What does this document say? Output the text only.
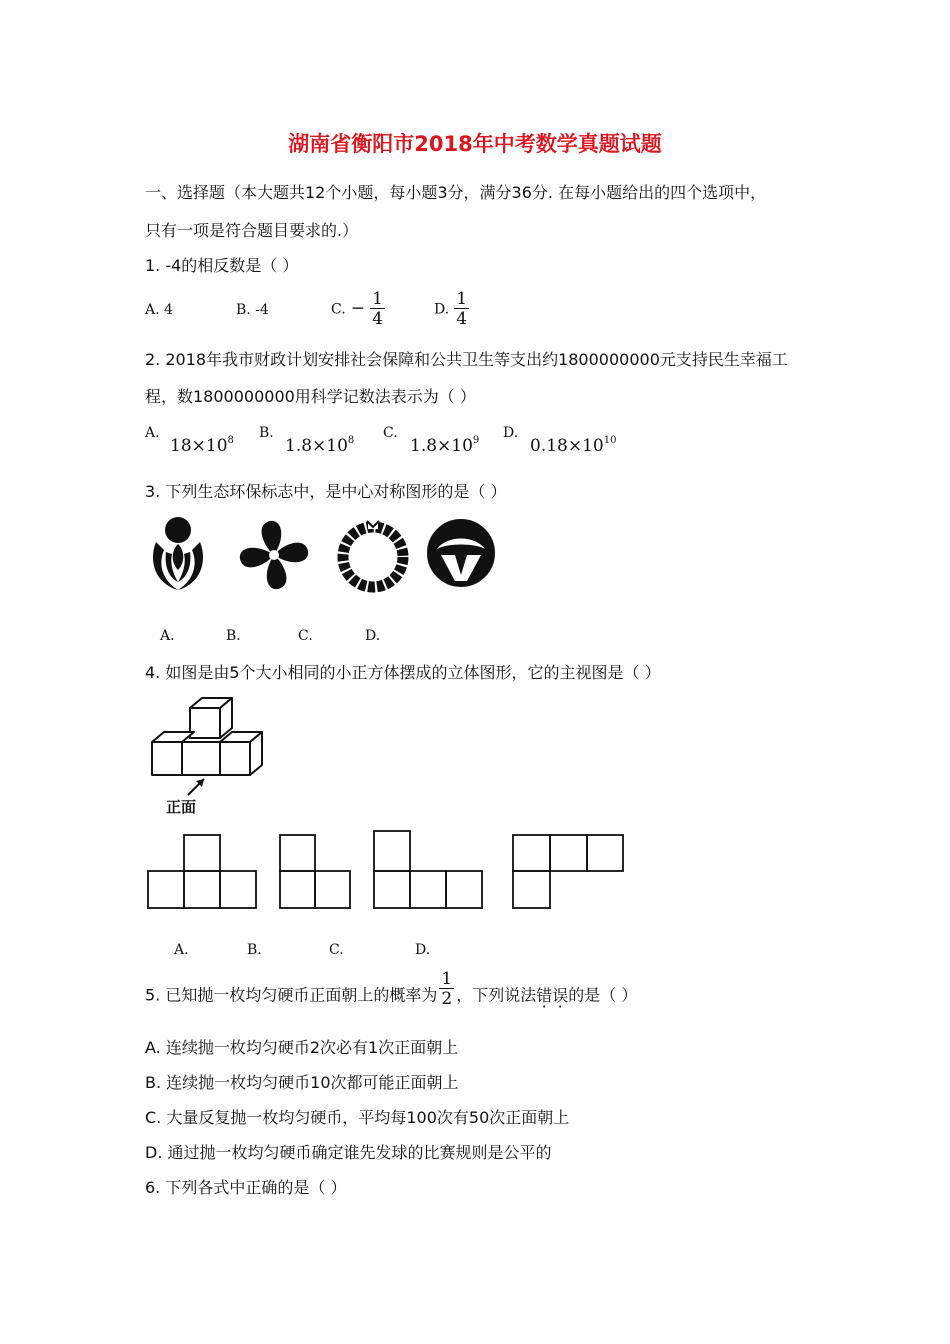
湖南省衡阳市2018年中考数学真题试题
一、选择题（本大题共12个小题，每小题3分，满分36分. 在每小题给出的四个选项中，
只有一项是符合题目要求的.）
1. -4的相反数是（ ）
A. 4	B. -4	C. − $\frac{1}{4}$	D. $\frac{1}{4}$
2. 2018年我市财政计划安排社会保障和公共卫生等支出约1800000000元支持民生幸福工
程，数1800000000用科学记数法表示为（ ）
A.
$18\times 10^8$ B.
$1.8\times 10^8$ C.
$1.8\times 10^9$ D.
$0.18\times 10^{10}$
3. 下列生态环保标志中，是中心对称图形的是（ ）
A.	B.	C.	D.
4. 如图是由5个大小相同的小正方体摆成的立体图形，它的主视图是（ ）
正面
A.	B.	C.	D.
5. 已知抛一枚均匀硬币正面朝上的概率为 $\frac{1}{2}$ ，下列说法错误的是（ ）
A. 连续抛一枚均匀硬币2次必有1次正面朝上
B. 连续抛一枚均匀硬币10次都可能正面朝上
C. 大量反复抛一枚均匀硬币，平均每100次有50次正面朝上
D. 通过抛一枚均匀硬币确定谁先发球的比赛规则是公平的
6. 下列各式中正确的是（ ）
